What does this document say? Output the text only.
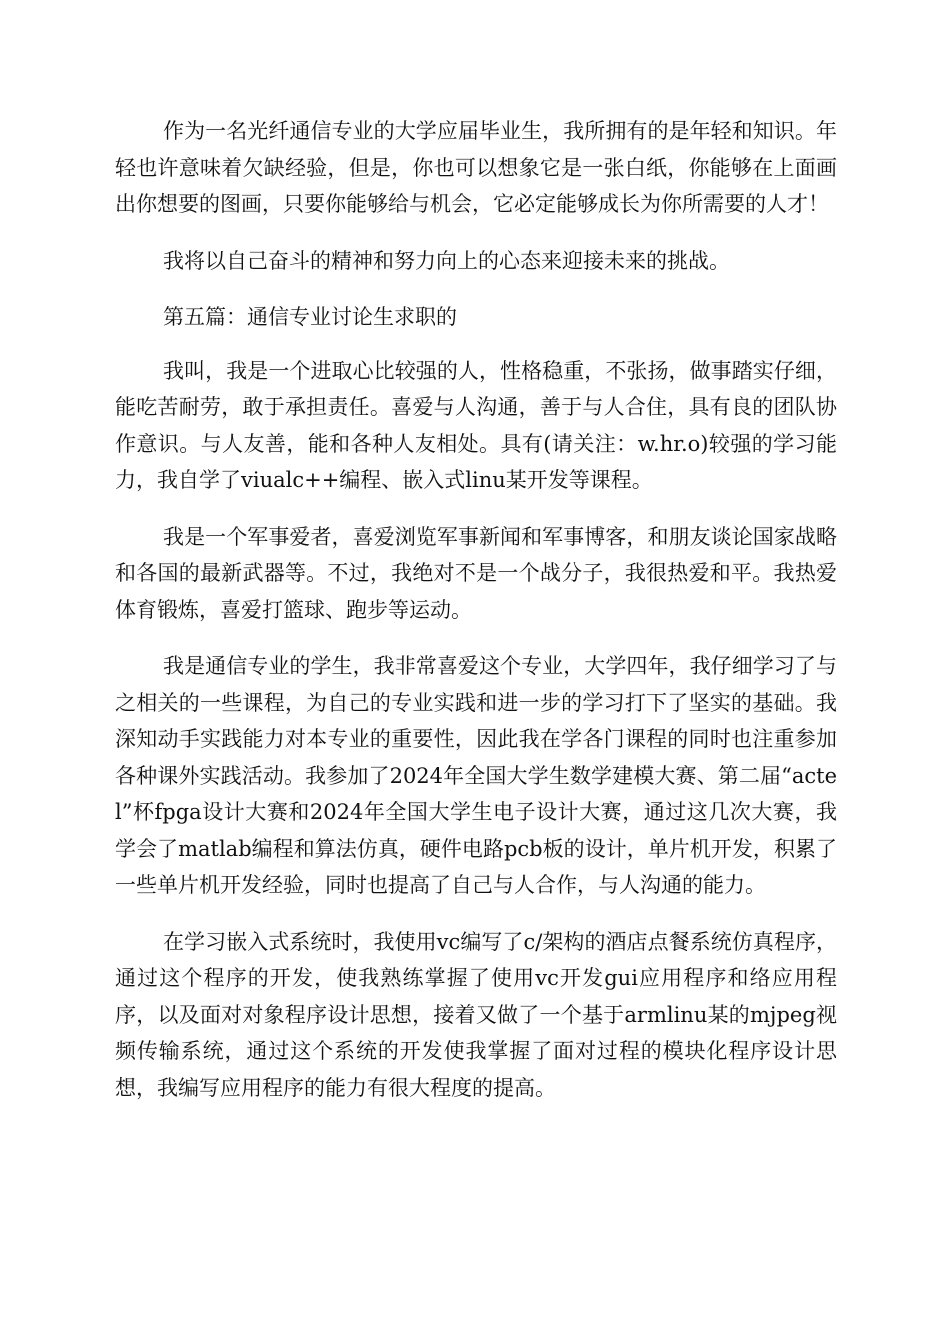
作为一名光纤通信专业的大学应届毕业生，我所拥有的是年轻和知识。年轻也许意味着欠缺经验，但是，你也可以想象它是一张白纸，你能够在上面画出你想要的图画，只要你能够给与机会，它必定能够成长为你所需要的人才！

我将以自己奋斗的精神和努力向上的心态来迎接未来的挑战。

第五篇：通信专业讨论生求职的

我叫，我是一个进取心比较强的人，性格稳重，不张扬，做事踏实仔细，能吃苦耐劳，敢于承担责任。喜爱与人沟通，善于与人合住，具有良的团队协作意识。与人友善，能和各种人友相处。具有(请关注：w.hr.o)较强的学习能力，我自学了viualc++编程、嵌入式linu某开发等课程。

我是一个军事爱者，喜爱浏览军事新闻和军事博客，和朋友谈论国家战略和各国的最新武器等。不过，我绝对不是一个战分子，我很热爱和平。我热爱体育锻炼，喜爱打篮球、跑步等运动。

我是通信专业的学生，我非常喜爱这个专业，大学四年，我仔细学习了与之相关的一些课程，为自己的专业实践和进一步的学习打下了坚实的基础。我深知动手实践能力对本专业的重要性，因此我在学各门课程的同时也注重参加各种课外实践活动。我参加了2024年全国大学生数学建模大赛、第二届“actel”杯fpga设计大赛和2024年全国大学生电子设计大赛，通过这几次大赛，我学会了matlab编程和算法仿真，硬件电路pcb板的设计，单片机开发，积累了一些单片机开发经验，同时也提高了自己与人合作，与人沟通的能力。

在学习嵌入式系统时，我使用vc编写了c/架构的酒店点餐系统仿真程序，通过这个程序的开发，使我熟练掌握了使用vc开发gui应用程序和络应用程序，以及面对对象程序设计思想，接着又做了一个基于armlinu某的mjpeg视频传输系统，通过这个系统的开发使我掌握了面对过程的模块化程序设计思想，我编写应用程序的能力有很大程度的提高。
